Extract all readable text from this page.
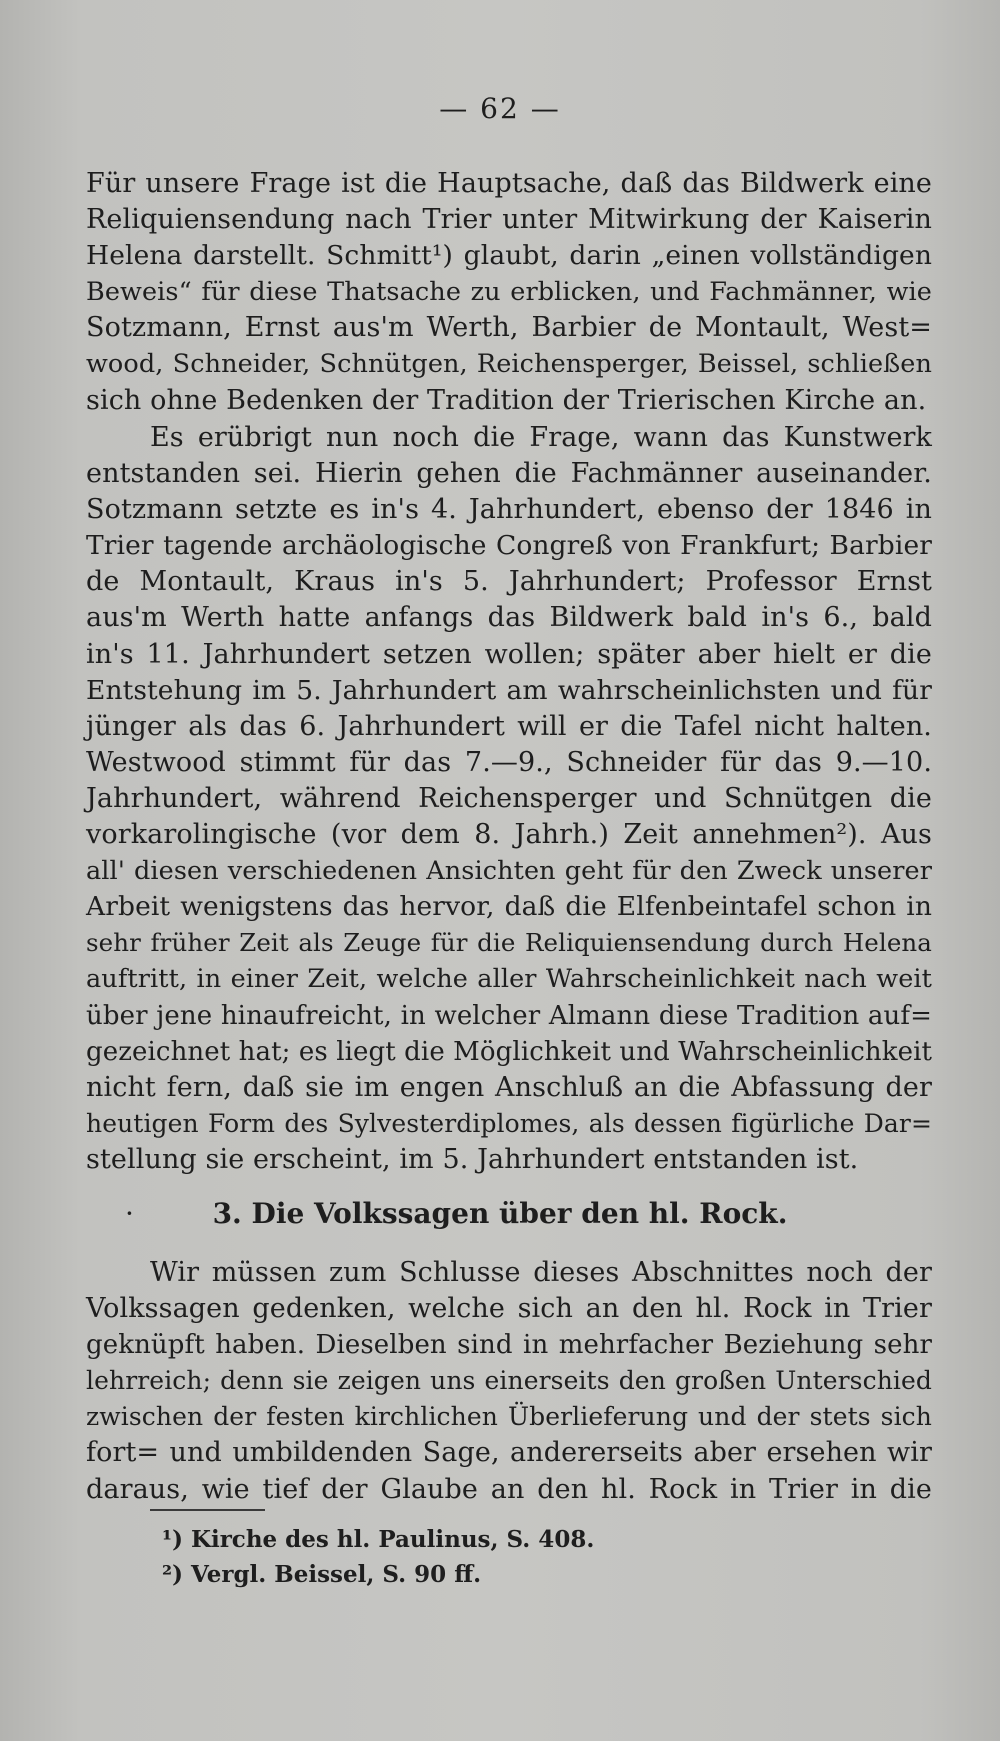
— 62 —
Für unsere Frage ist die Hauptsache, daß das Bildwerk eine
Reliquiensendung nach Trier unter Mitwirkung der Kaiserin
Helena darstellt. Schmitt¹) glaubt, darin „einen vollständigen
Beweis“ für diese Thatsache zu erblicken, und Fachmänner, wie
Sotzmann, Ernst aus'm Werth, Barbier de Montault, West=
wood, Schneider, Schnütgen, Reichensperger, Beissel, schließen
sich ohne Bedenken der Tradition der Trierischen Kirche an.
Es erübrigt nun noch die Frage, wann das Kunstwerk
entstanden sei. Hierin gehen die Fachmänner auseinander.
Sotzmann setzte es in's 4. Jahrhundert, ebenso der 1846 in
Trier tagende archäologische Congreß von Frankfurt; Barbier
de Montault, Kraus in's 5. Jahrhundert; Professor Ernst
aus'm Werth hatte anfangs das Bildwerk bald in's 6., bald
in's 11. Jahrhundert setzen wollen; später aber hielt er die
Entstehung im 5. Jahrhundert am wahrscheinlichsten und für
jünger als das 6. Jahrhundert will er die Tafel nicht halten.
Westwood stimmt für das 7.—9., Schneider für das 9.—10.
Jahrhundert, während Reichensperger und Schnütgen die
vorkarolingische (vor dem 8. Jahrh.) Zeit annehmen²). Aus
all' diesen verschiedenen Ansichten geht für den Zweck unserer
Arbeit wenigstens das hervor, daß die Elfenbeintafel schon in
sehr früher Zeit als Zeuge für die Reliquiensendung durch Helena
auftritt, in einer Zeit, welche aller Wahrscheinlichkeit nach weit
über jene hinaufreicht, in welcher Almann diese Tradition auf=
gezeichnet hat; es liegt die Möglichkeit und Wahrscheinlichkeit
nicht fern, daß sie im engen Anschluß an die Abfassung der
heutigen Form des Sylvesterdiplomes, als dessen figürliche Dar=
stellung sie erscheint, im 5. Jahrhundert entstanden ist.
·	3. Die Volkssagen über den hl. Rock.
Wir müssen zum Schlusse dieses Abschnittes noch der
Volkssagen gedenken, welche sich an den hl. Rock in Trier
geknüpft haben. Dieselben sind in mehrfacher Beziehung sehr
lehrreich; denn sie zeigen uns einerseits den großen Unterschied
zwischen der festen kirchlichen Überlieferung und der stets sich
fort= und umbildenden Sage, andererseits aber ersehen wir
daraus, wie tief der Glaube an den hl. Rock in Trier in die
¹) Kirche des hl. Paulinus, S. 408.
²) Vergl. Beissel, S. 90 ff.
